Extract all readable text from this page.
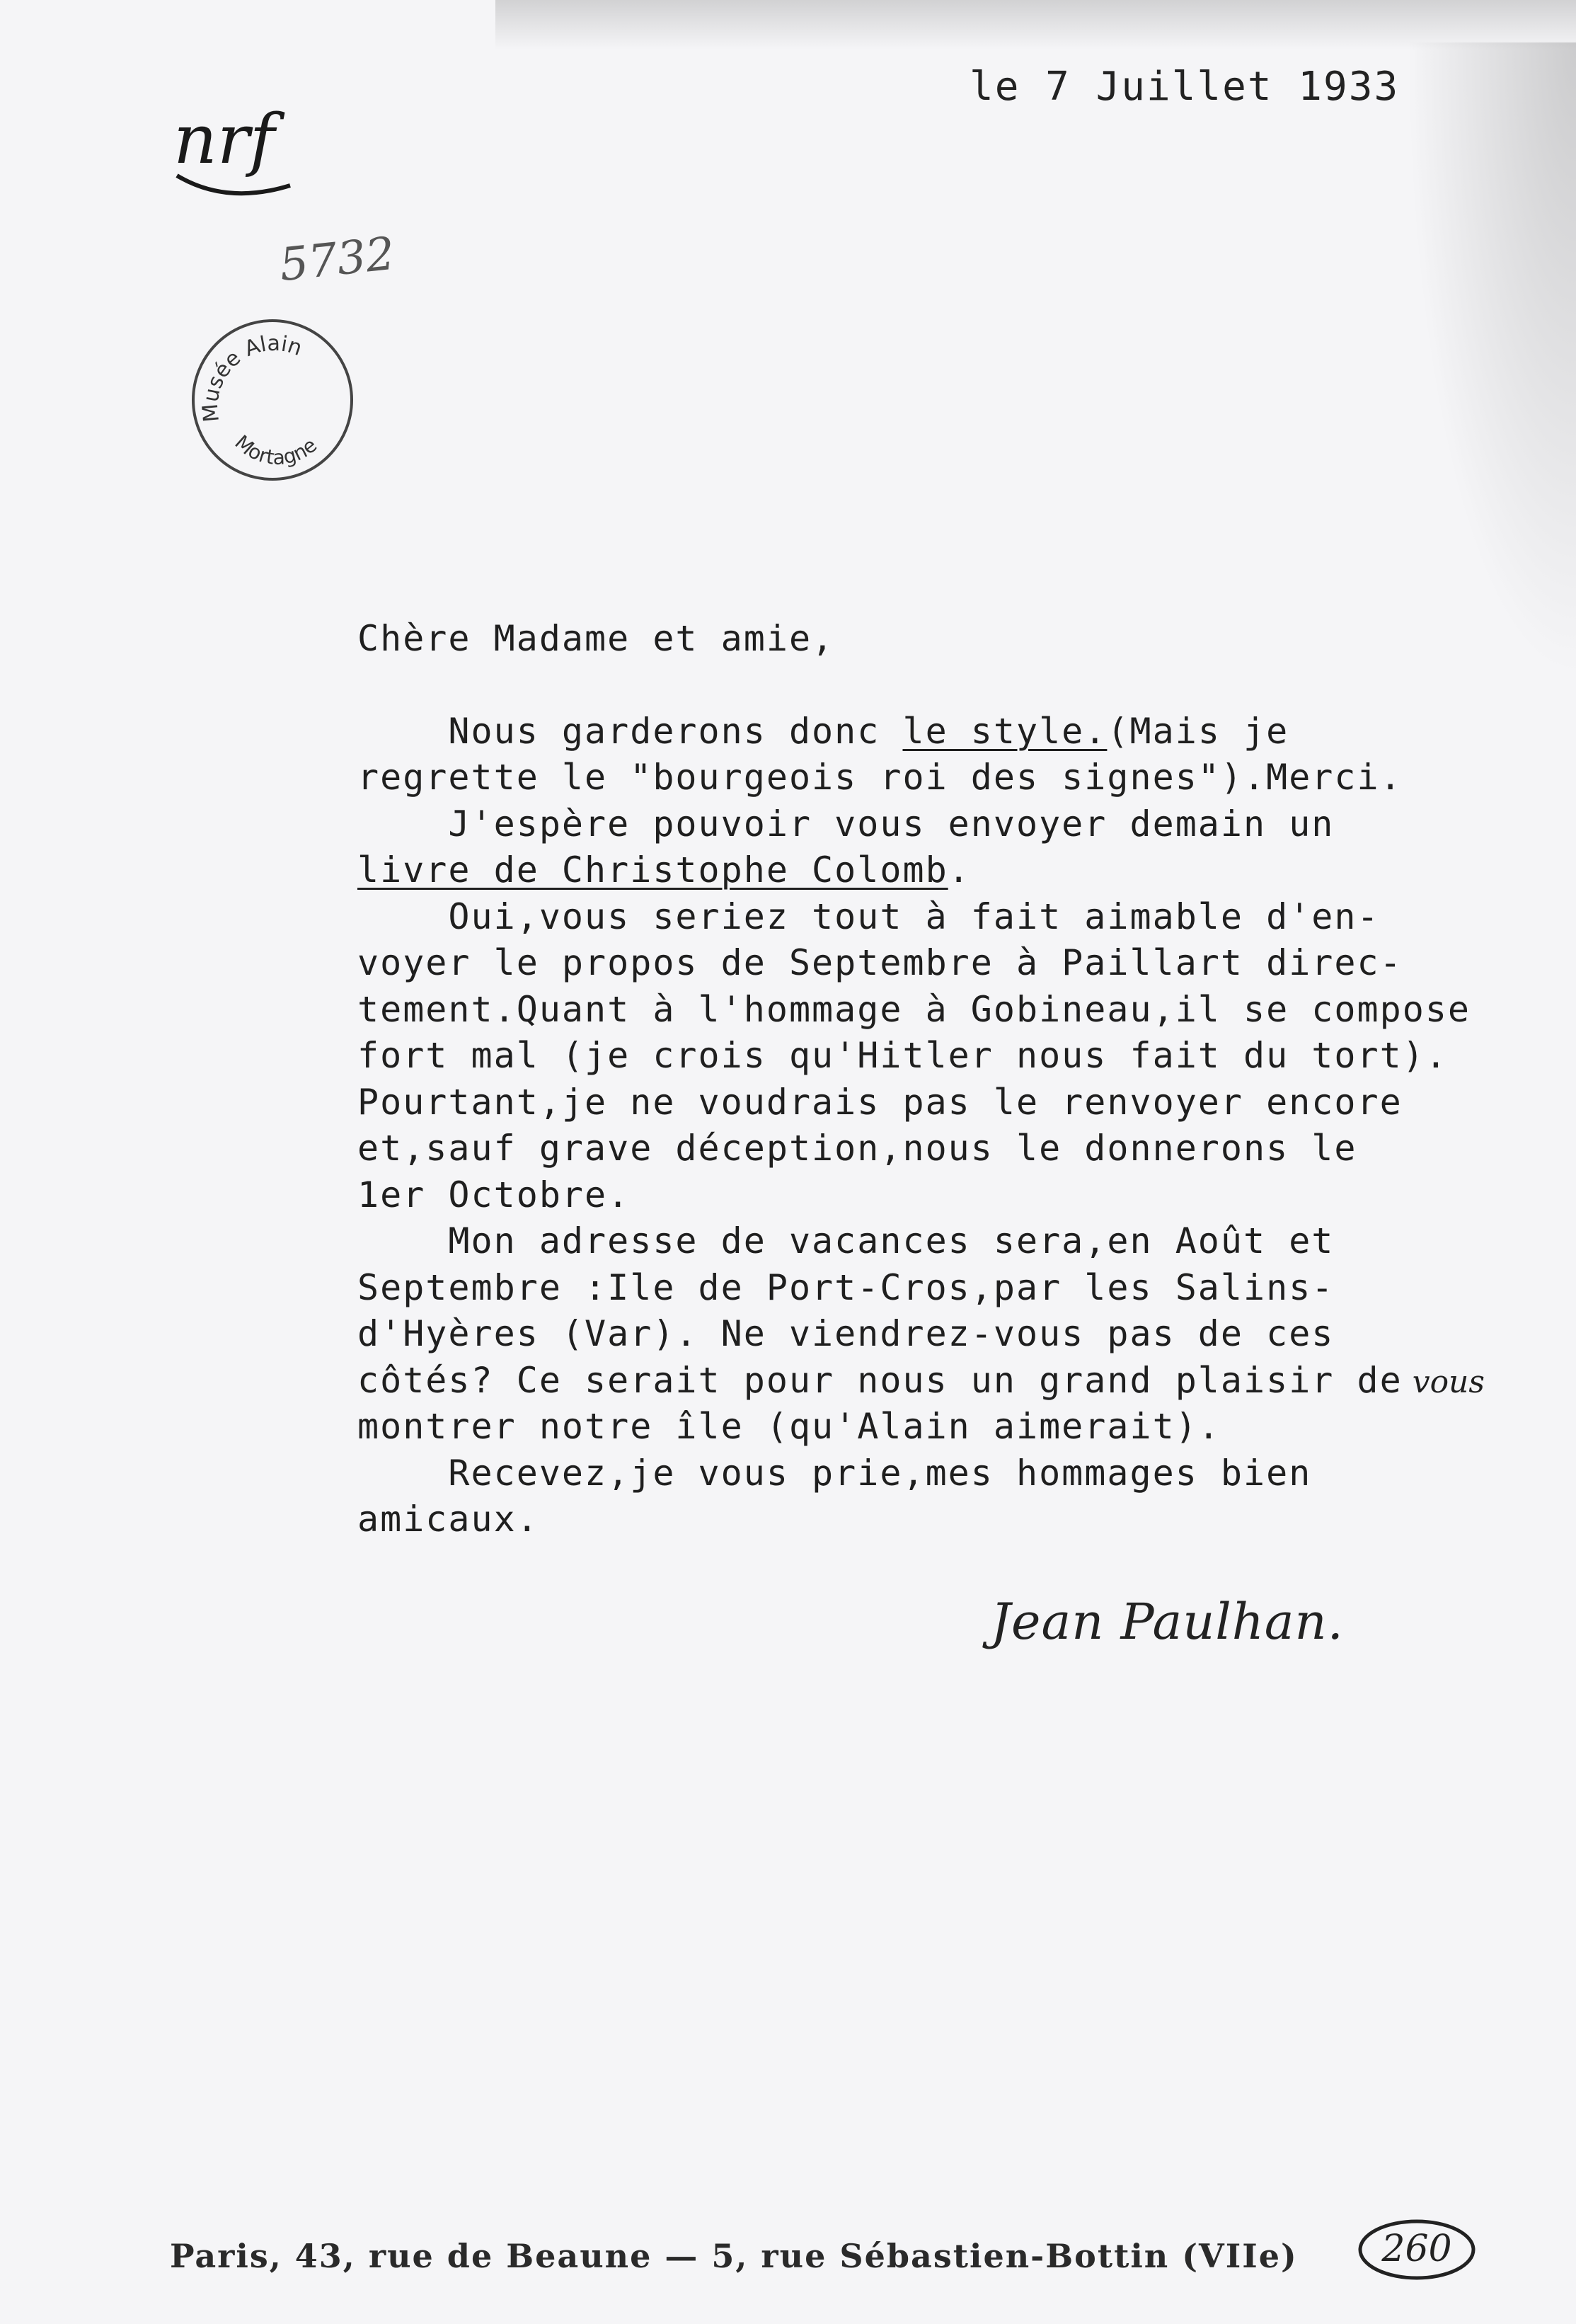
le 7 Juillet 1933
nrf
5732
Musée Alain
Mortagne
Chère Madame et amie,
Nous garderons donc le style.(Mais je
regrette le "bourgeois roi des signes").Merci.
J'espère pouvoir vous envoyer demain un
livre de Christophe Colomb.
Oui,vous seriez tout à fait aimable d'en-
voyer le propos de Septembre à Paillart direc-
tement.Quant à l'hommage à Gobineau,il se compose
fort mal (je crois qu'Hitler nous fait du tort).
Pourtant,je ne voudrais pas le renvoyer encore
et,sauf grave déception,nous le donnerons le
1er Octobre.
Mon adresse de vacances sera,en Août et
Septembre :Ile de Port-Cros,par les Salins-
d'Hyères (Var). Ne viendrez-vous pas de ces
côtés? Ce serait pour nous un grand plaisir de vous
montrer notre île (qu'Alain aimerait).
Recevez,je vous prie,mes hommages bien
amicaux.
Jean Paulhan.
Paris, 43, rue de Beaune — 5, rue Sébastien-Bottin (VIIe) 260
